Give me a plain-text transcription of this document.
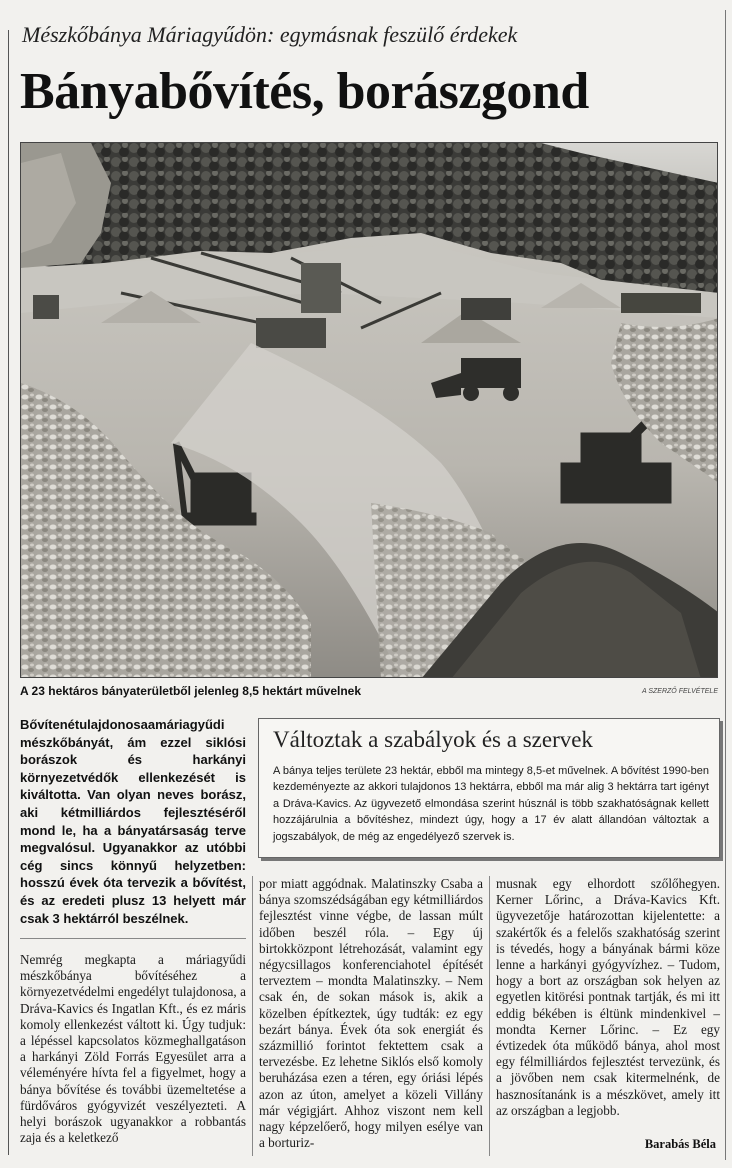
Mészkőbánya Máriagyűdön: egymásnak feszülő érdekek
Bányabővítés, borászgond
A 23 hektáros bányaterületből jelenleg 8,5 hektárt művelnek	A SZERZŐ FELVÉTELE
Bővítenétulajdonosaamáriagyűdi mészkőbányát, ám ezzel siklósi borászok és harkányi környezetvédők ellenkezését is kiváltotta. Van olyan neves borász, aki kétmilliárdos fejlesztéséről mond le, ha a bányatársaság terve megvalósul. Ugyanakkor az utóbbi cég sincs könnyű helyzetben: hosszú évek óta tervezik a bővítést, és az eredeti plusz 13 helyett már csak 3 hektárról beszélnek.
Változtak a szabályok és a szervek
A bánya teljes területe 23 hektár, ebből ma mintegy 8,5-et művelnek. A bővítést 1990-ben kezdeményezte az akkori tulajdonos 13 hektárra, ebből ma már alig 3 hektárra tart igényt a Dráva-Kavics. Az ügyvezető elmondása szerint húsznál is több szakhatóságnak kellett hozzájárulnia a bővítéshez, mindezt úgy, hogy a 17 év alatt állandóan változtak a jogszabályok, de még az engedélyező szervek is.

Nemrég megkapta a máriagyűdi mészkőbánya bővítéséhez a környezetvédelmi engedélyt tulajdonosa, a Dráva-Kavics és Ingatlan Kft., és ez máris komoly ellenkezést váltott ki. Úgy tudjuk: a lépéssel kapcsolatos közmeghallgatáson a harkányi Zöld Forrás Egyesület arra a véleményére hívta fel a figyelmet, hogy a bánya bővítése és további üzemeltetése a fürdőváros gyógyvizét veszélyezteti. A helyi borászok ugyanakkor a robbantás zaja és a keletkező

por miatt aggódnak. Malatinszky Csaba a bánya szomszédságában egy kétmilliárdos fejlesztést vinne végbe, de lassan múlt időben beszél róla. – Egy új birtokközpont létrehozását, valamint egy négycsillagos konferenciahotel építését terveztem – mondta Malatinszky. – Nem csak én, de sokan mások is, akik a közelben építkeztek, úgy tudták: ez egy bezárt bánya. Évek óta sok energiát és százmillió forintot fektettem csak a tervezésbe. Ez lehetne Siklós első komoly beruházása ezen a téren, egy óriási lépés azon az úton, amelyet a közeli Villány már végigjárt. Ahhoz viszont nem kell nagy képzelőerő, hogy milyen esélye van a borturiz-

musnak egy elhordott szőlőhegyen. Kerner Lőrinc, a Dráva-Kavics Kft. ügyvezetője határozottan kijelentette: a szakértők és a felelős szakhatóság szerint is tévedés, hogy a bányának bármi köze lenne a harkányi gyógyvízhez. – Tudom, hogy a bort az országban sok helyen az egyetlen kitörési pontnak tartják, és mi itt eddig békében is éltünk mindenkivel – mondta Kerner Lőrinc. – Ez egy évtizedek óta működő bánya, ahol most egy félmilliárdos fejlesztést tervezünk, és a jövőben nem csak kitermelnénk, de hasznosítanánk is a mészkövet, amely itt az országban a legjobb.

Barabás Béla
